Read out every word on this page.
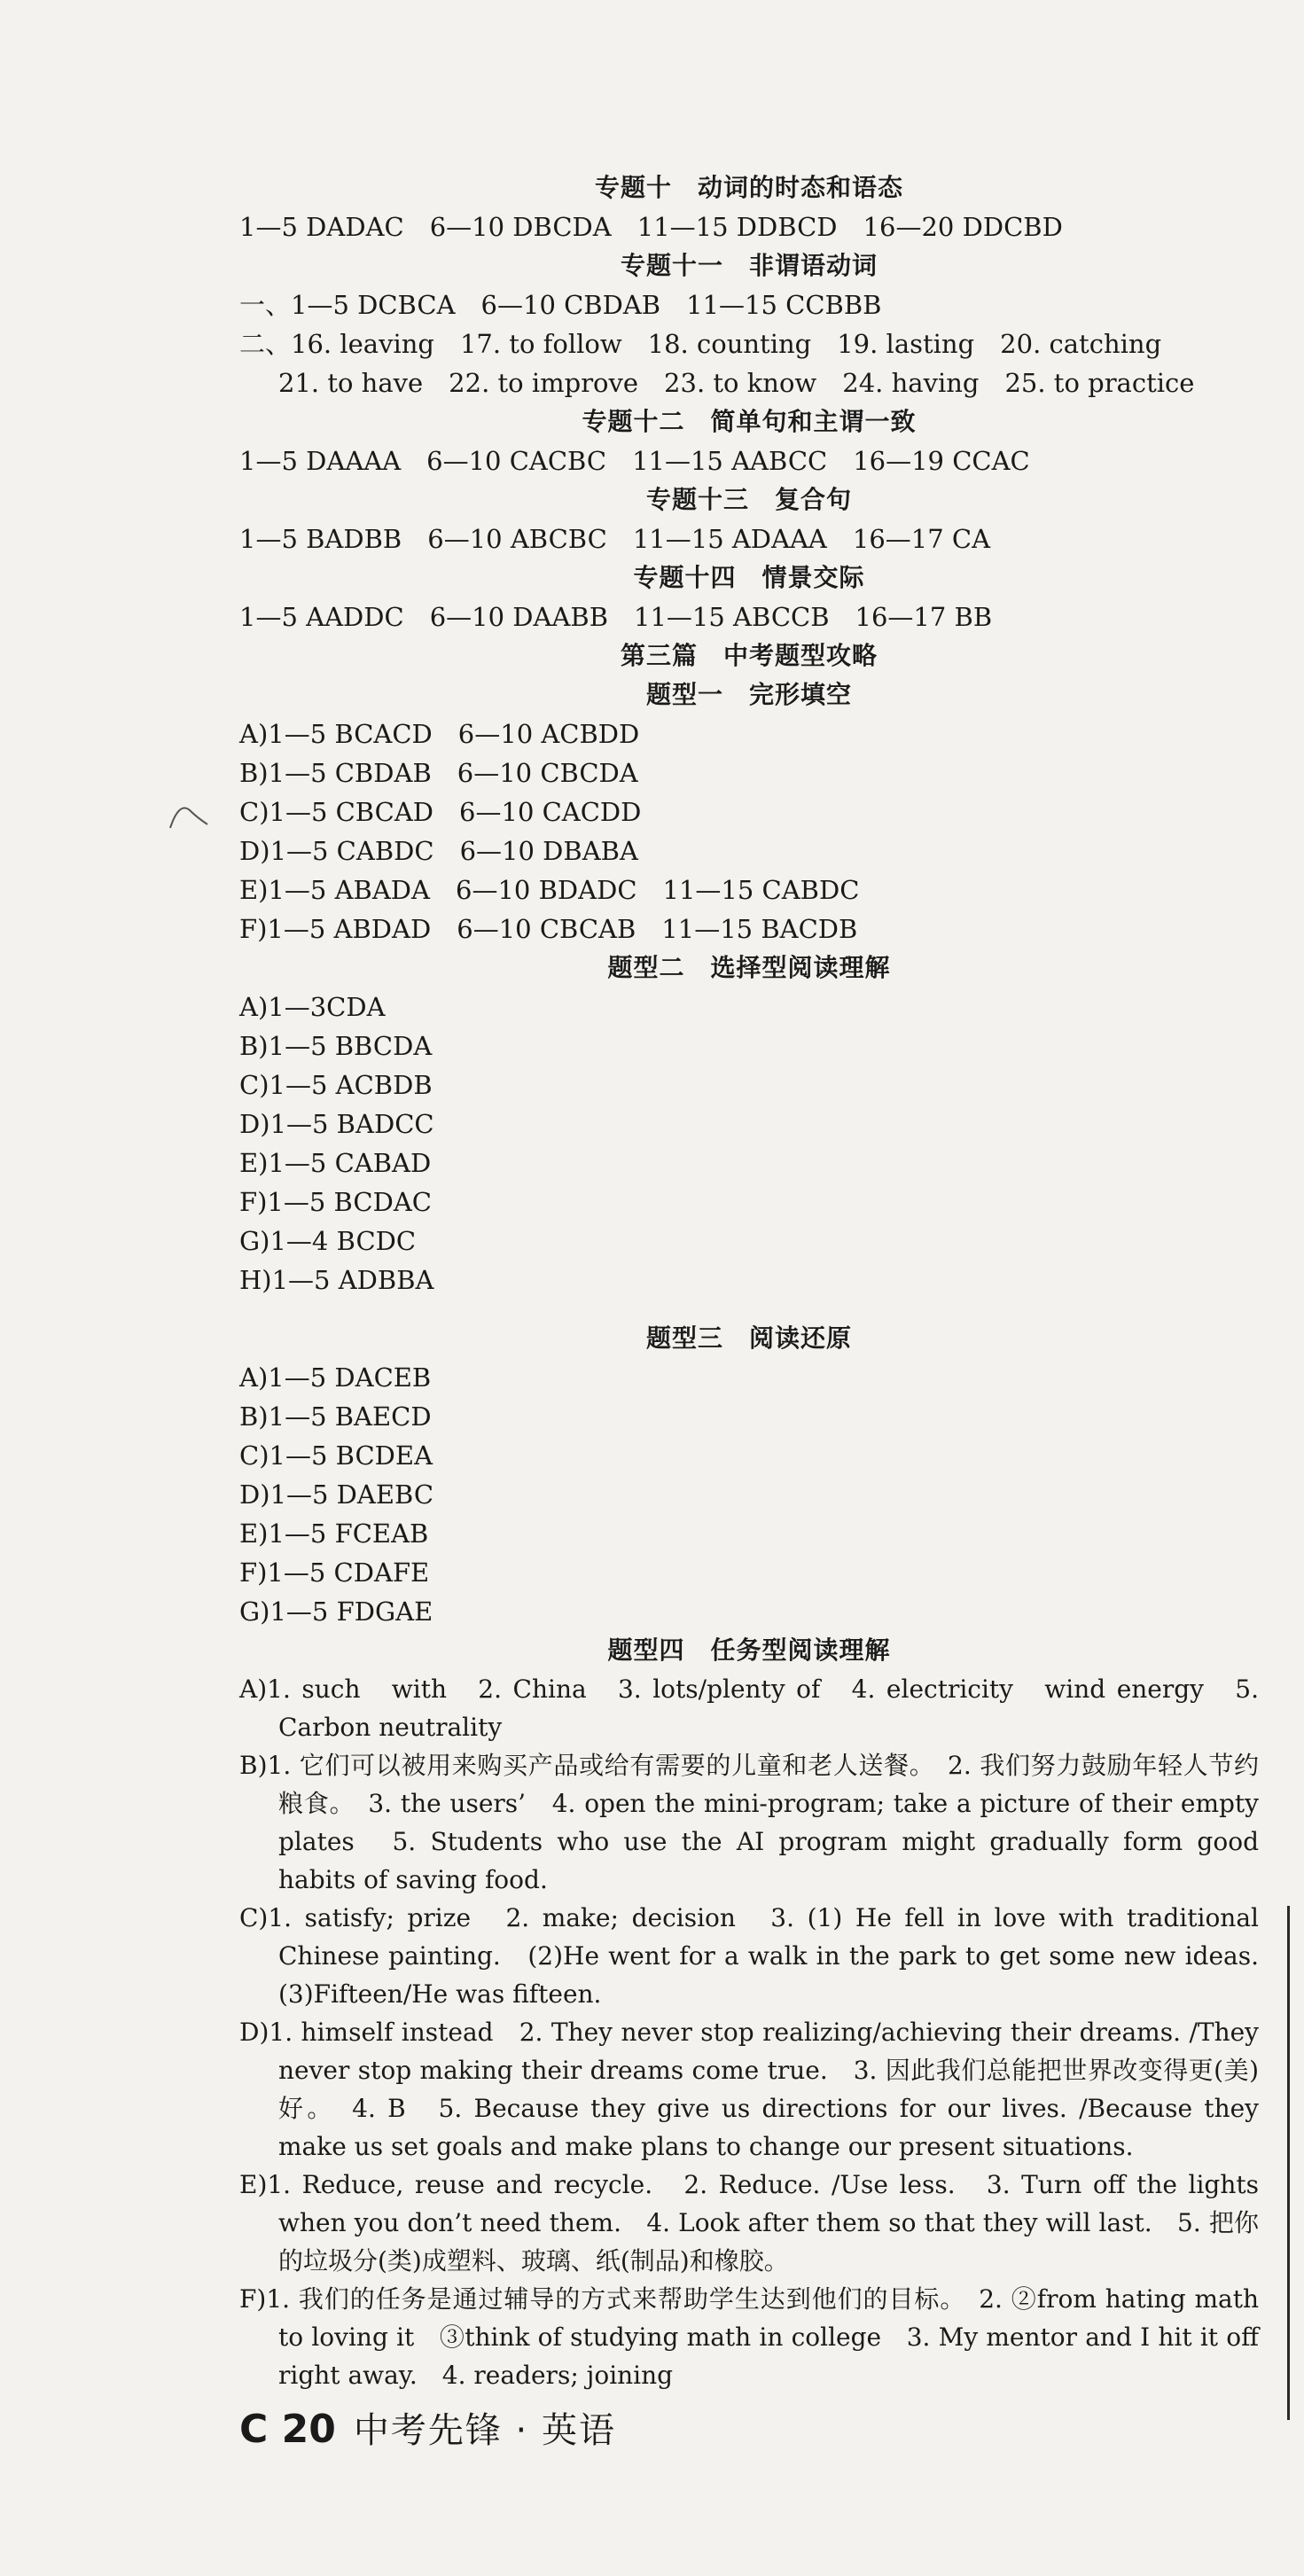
专题十　动词的时态和语态
1—5 DADAC　6—10 DBCDA　11—15 DDBCD　16—20 DDCBD
专题十一　非谓语动词
一、1—5 DCBCA　6—10 CBDAB　11—15 CCBBB
二、16. leaving　17. to follow　18. counting　19. lasting　20. catching
21. to have　22. to improve　23. to know　24. having　25. to practice
专题十二　简单句和主谓一致
1—5 DAAAA　6—10 CACBC　11—15 AABCC　16—19 CCAC
专题十三　复合句
1—5 BADBB　6—10 ABCBC　11—15 ADAAA　16—17 CA
专题十四　情景交际
1—5 AADDC　6—10 DAABB　11—15 ABCCB　16—17 BB
第三篇　中考题型攻略
题型一　完形填空
A)1—5 BCACD　6—10 ACBDD
B)1—5 CBDAB　6—10 CBCDA
C)1—5 CBCAD　6—10 CACDD
D)1—5 CABDC　6—10 DBABA
E)1—5 ABADA　6—10 BDADC　11—15 CABDC
F)1—5 ABDAD　6—10 CBCAB　11—15 BACDB
题型二　选择型阅读理解
A)1—3CDA
B)1—5 BBCDA
C)1—5 ACBDB
D)1—5 BADCC
E)1—5 CABAD
F)1—5 BCDAC
G)1—4 BCDC
H)1—5 ADBBA
题型三　阅读还原
A)1—5 DACEB
B)1—5 BAECD
C)1—5 BCDEA
D)1—5 DAEBC
E)1—5 FCEAB
F)1—5 CDAFE
G)1—5 FDGAE
题型四　任务型阅读理解
A)1. such　with　2. China　3. lots/plenty of　4. electricity　wind energy　5. Carbon neutrality
B)1. 它们可以被用来购买产品或给有需要的儿童和老人送餐。　2. 我们努力鼓励年轻人节约粮食。　3. the users’　4. open the mini-program; take a picture of their empty plates　5. Students who use the AI program might gradually form good habits of saving food.
C)1. satisfy; prize　2. make; decision　3. (1) He fell in love with traditional Chinese painting.　(2)He went for a walk in the park to get some new ideas.　(3)Fifteen/He was fifteen.
D)1. himself instead　2. They never stop realizing/achieving their dreams. /They never stop making their dreams come true.　3. 因此我们总能把世界改变得更(美)好。　4. B　5. Because they give us directions for our lives. /Because they make us set goals and make plans to change our present situations.
E)1. Reduce, reuse and recycle.　2. Reduce. /Use less.　3. Turn off the lights when you don’t need them.　4. Look after them so that they will last.　5. 把你的垃圾分(类)成塑料、玻璃、纸(制品)和橡胶。
F)1. 我们的任务是通过辅导的方式来帮助学生达到他们的目标。　2. ②from hating math to loving it　③think of studying math in college　3. My mentor and I hit it off right away.　4. readers; joining
C 20 中考先锋 · 英语
